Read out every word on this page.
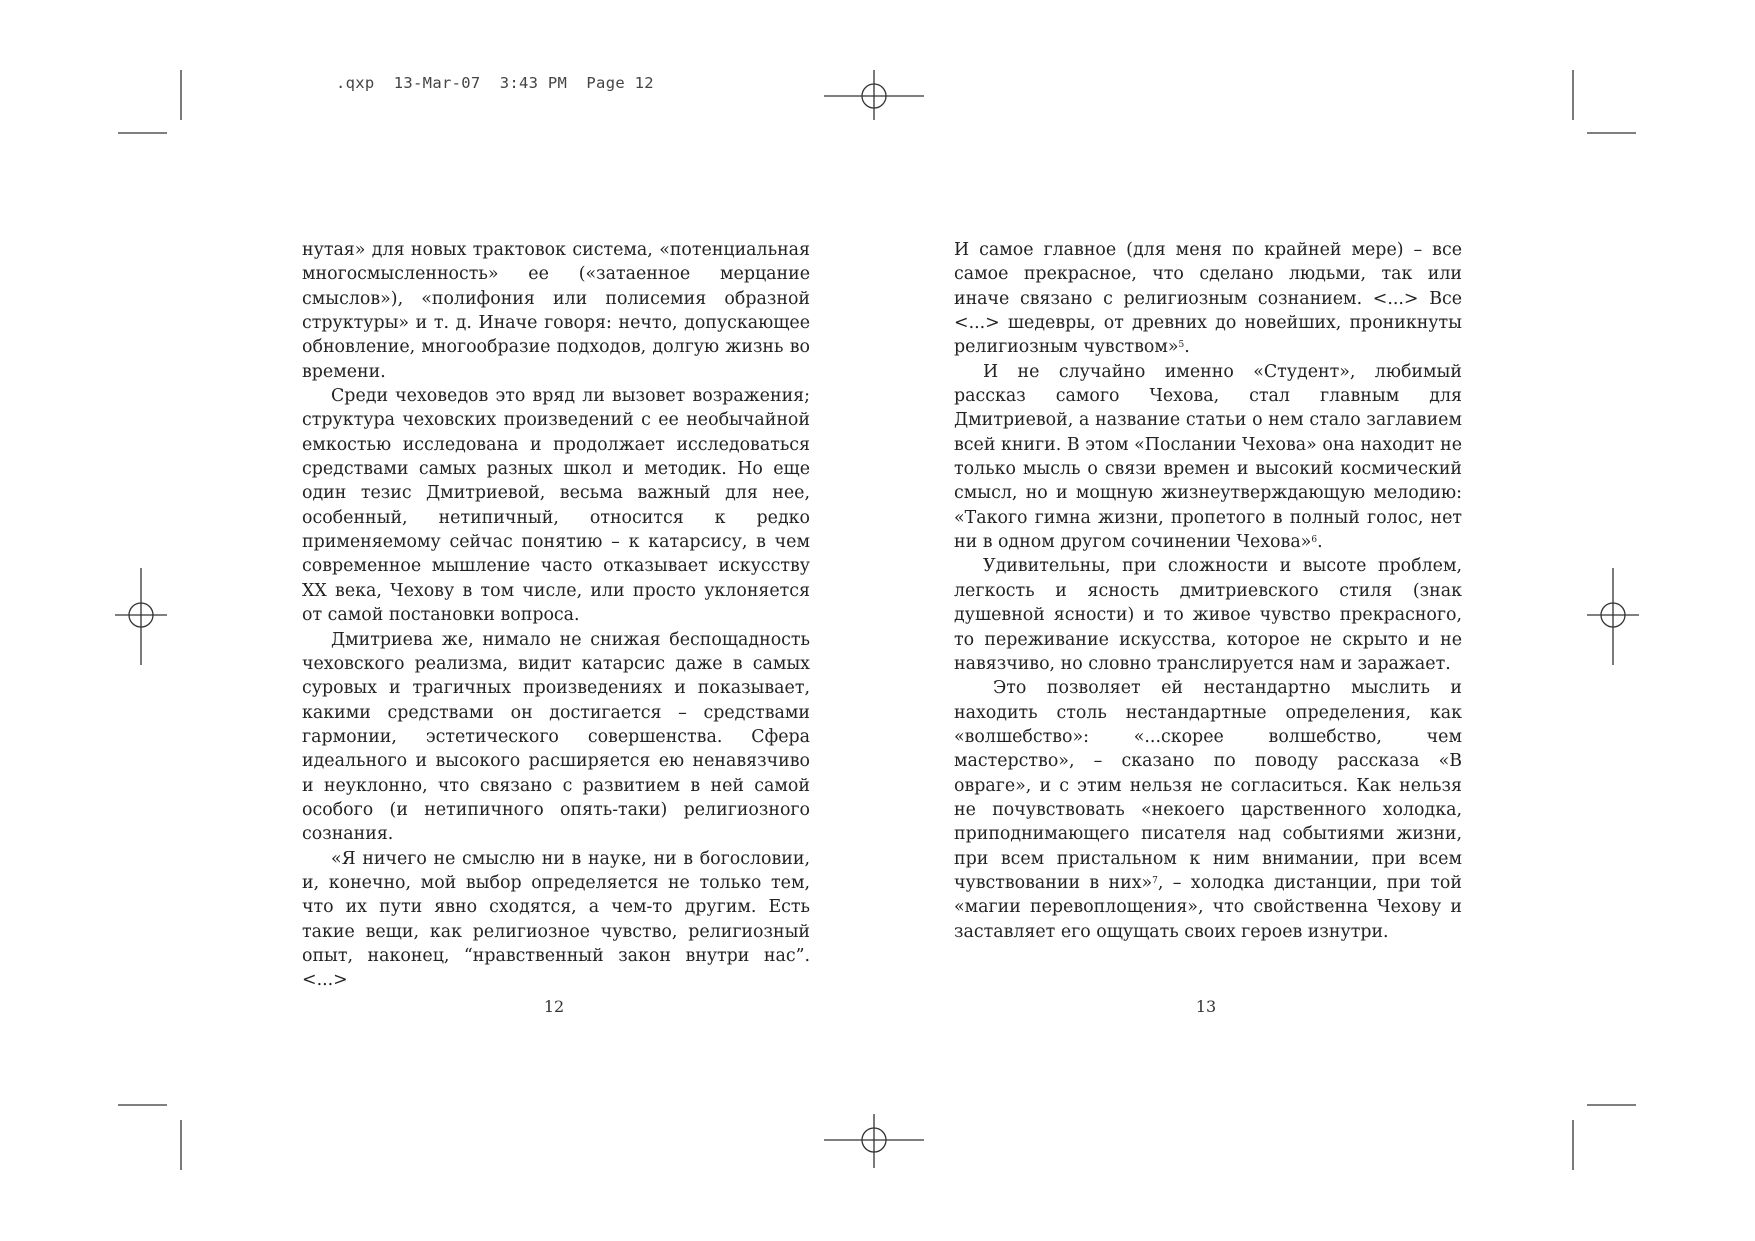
.qxp  13-Mar-07  3:43 PM  Page 12

нутая» для новых трактовок система, «потенциальная многосмысленность» ее («затаенное мерцание смыслов»), «полифония или полисемия образной структуры» и т. д. Иначе говоря: нечто, допускающее обновление, многообразие подходов, долгую жизнь во времени.

Среди чеховедов это вряд ли вызовет возражения; структура чеховских произведений с ее необычайной емкостью исследована и продолжает исследоваться средствами самых разных школ и методик. Но еще один тезис Дмитриевой, весьма важный для нее, особенный, нетипичный, относится к редко применяемому сейчас понятию – к катарсису, в чем современное мышление часто отказывает искусству XX века, Чехову в том числе, или просто уклоняется от самой постановки вопроса.

Дмитриева же, нимало не снижая беспощадность чеховского реализма, видит катарсис даже в самых суровых и трагичных произведениях и показывает, какими средствами он достигается – средствами гармонии, эстетического совершенства. Сфера идеального и высокого расширяется ею ненавязчиво и неуклонно, что связано с развитием в ней самой особого (и нетипичного опять-таки) религиозного сознания.

«Я ничего не смыслю ни в науке, ни в богословии, и, конечно, мой выбор определяется не только тем, что их пути явно сходятся, а чем-то другим. Есть такие вещи, как религиозное чувство, религиозный опыт, наконец, “нравственный закон внутри нас”. <...>

И самое главное (для меня по крайней мере) – все самое прекрасное, что сделано людьми, так или иначе связано с религиозным сознанием. <...> Все <...> шедевры, от древних до новейших, проникнуты религиозным чувством»$^5$.

И не случайно именно «Студент», любимый рассказ самого Чехова, стал главным для Дмитриевой, а название статьи о нем стало заглавием всей книги. В этом «Послании Чехова» она находит не только мысль о связи времен и высокий космический смысл, но и мощную жизнеутверждающую мелодию: «Такого гимна жизни, пропетого в полный голос, нет ни в одном другом сочинении Чехова»$^6$.

Удивительны, при сложности и высоте проблем, легкость и ясность дмитриевского стиля (знак душевной ясности) и то живое чувство прекрасного, то переживание искусства, которое не скрыто и не навязчиво, но словно транслируется нам и заражает.

Это позволяет ей нестандартно мыслить и находить столь нестандартные определения, как «волшебство»: «...скорее волшебство, чем мастерство», – сказано по поводу рассказа «В овраге», и с этим нельзя не согласиться. Как нельзя не почувствовать «некоего царственного холодка, приподнимающего писателя над событиями жизни, при всем пристальном к ним внимании, при всем чувствовании в них»$^7$, – холодка дистанции, при той «магии перевоплощения», что свойственна Чехову и заставляет его ощущать своих героев изнутри.

12	13
